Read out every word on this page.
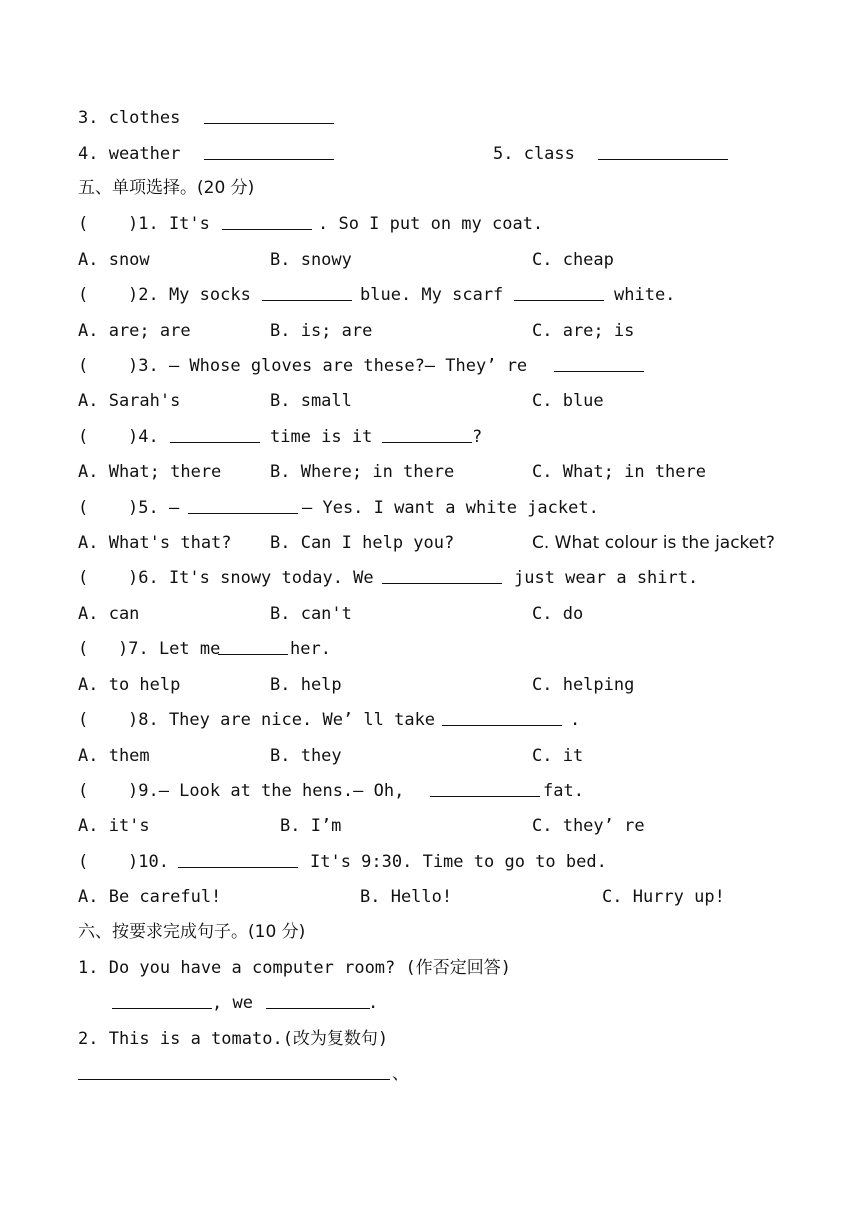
3. clothes

4. weather

	5. class

五、单项选择。(20 分)

(

)1. It's

	. So I put on my coat.

A. snow

	B. snowy

	C. cheap

(

)2. My socks

	blue. My scarf

	white.

A. are; are

	B. is; are

	C. are; is

(

)3. — Whose gloves are these?— They’ re

A. Sarah's

	B. small

	C. blue

(

)4.

	time is it

	?

A. What; there

	B. Where; in there

	C. What; in there

(

)5. —

	— Yes. I want a white jacket.

A. What's that?

B. Can I help you?

	C. What colour is the jacket?

(

)6. It's snowy today. We

	just wear a shirt.

A. can

	B. can't

	C. do

(

)7. Let me

	her.

A. to help

	B. help

	C. helping

(

)8. They are nice. We’ ll take

	.

A. them

	B. they

	C. it

(

)9.— Look at the hens.— Oh,

	fat.

A. it's

	B. I’m

	C. they’ re

(

)10.

	It's 9:30. Time to go to bed.

A. Be careful!

	B. Hello!

	C. Hurry up!

六、按要求完成句子。(10 分)
1. Do you have a computer room? (作否定回答)

, we

	.

2. This is a tomato.(改为复数句)

、
